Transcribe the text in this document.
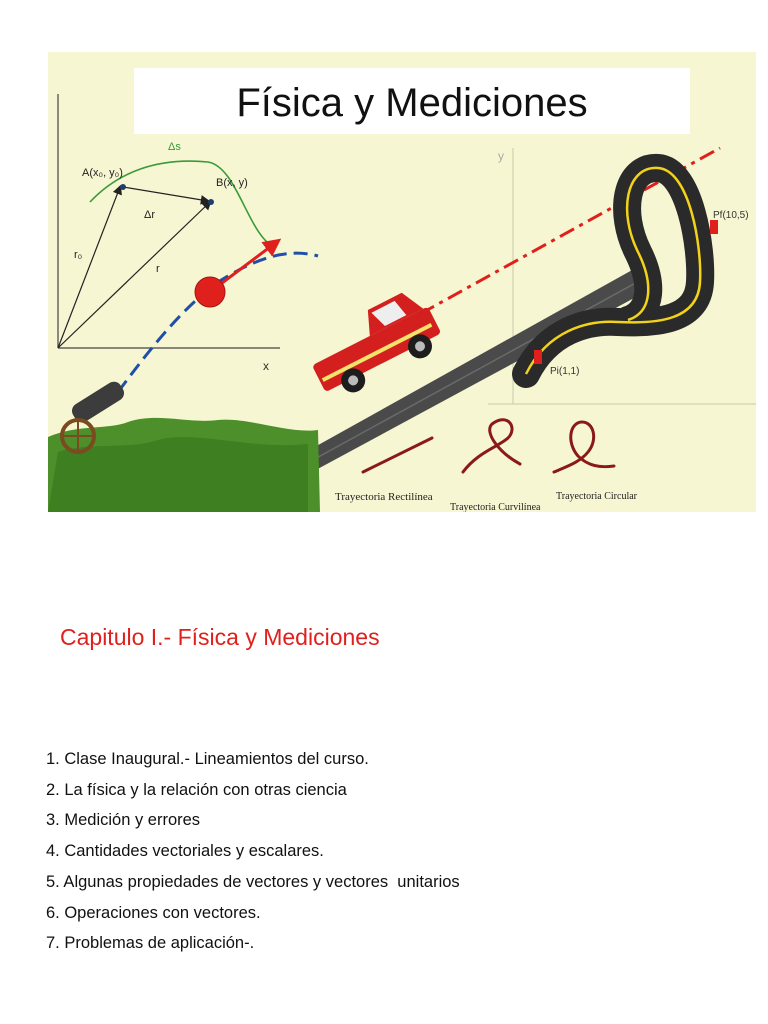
Física y Mediciones
x
Δs
A(x₀, y₀)
B(x, y)
Δr
r₀
r
y
Pf(10,5)
Pi(1,1)
Trayectoria Rectilínea
Trayectoria Curvilínea
Trayectoria Circular
Capitulo I.- Física y Mediciones
1. Clase Inaugural.- Lineamientos del curso.
2. La física y la relación con otras ciencia
3. Medición y errores
4. Cantidades vectoriales y escalares.
5. Algunas propiedades de vectores y vectores  unitarios
6. Operaciones con vectores.
7. Problemas de aplicación-.
